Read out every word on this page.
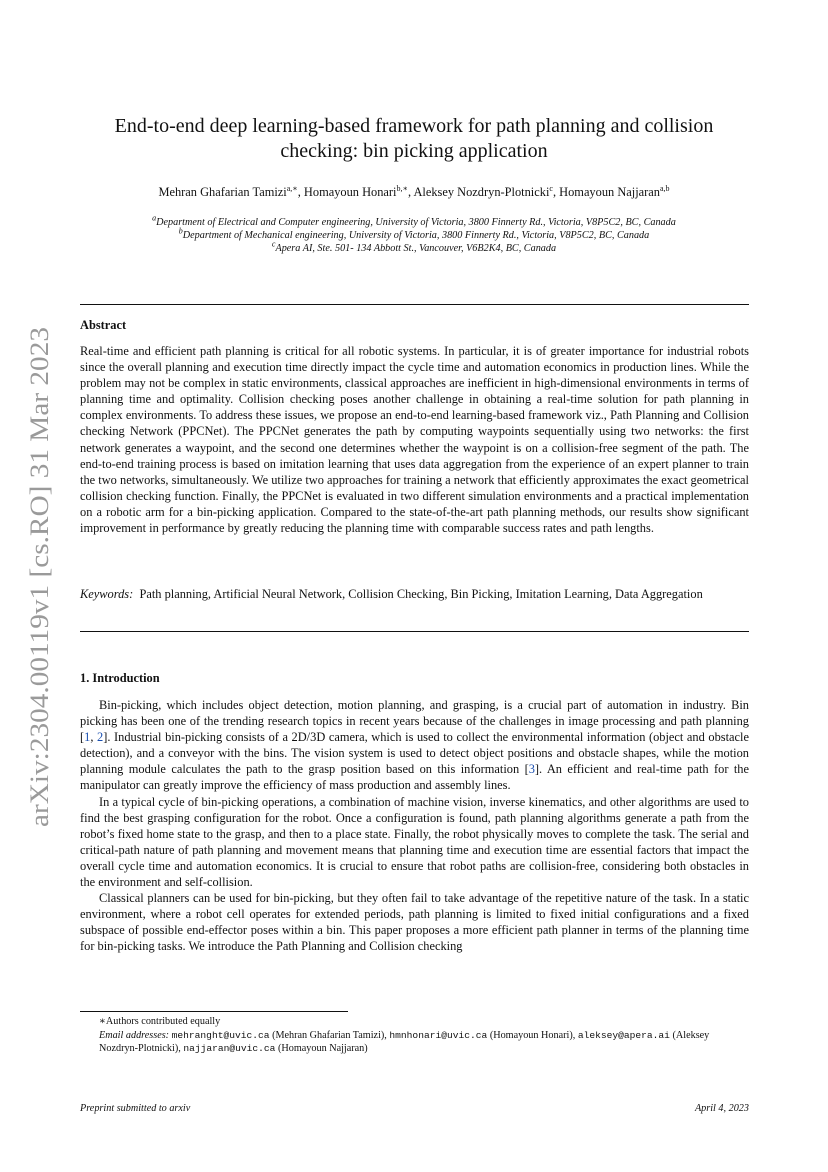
arXiv:2304.00119v1 [cs.RO] 31 Mar 2023
End-to-end deep learning-based framework for path planning and collision
checking: bin picking application
Mehran Ghafarian Tamizi$^{a,∗}$, Homayoun Honari$^{b,∗}$, Aleksey Nozdryn-Plotnicki$^c$, Homayoun Najjaran$^{a,b}$
$^a$Department of Electrical and Computer engineering, University of Victoria, 3800 Finnerty Rd., Victoria, V8P5C2, BC, Canada
$^b$Department of Mechanical engineering, University of Victoria, 3800 Finnerty Rd., Victoria, V8P5C2, BC, Canada
$^c$Apera AI, Ste. 501- 134 Abbott St., Vancouver, V6B2K4, BC, Canada
Abstract
Real-time and efficient path planning is critical for all robotic systems. In particular, it is of greater importance for industrial robots since the overall planning and execution time directly impact the cycle time and automation economics in production lines. While the problem may not be complex in static environments, classical approaches are inefficient in high-dimensional environments in terms of planning time and optimality. Collision checking poses another challenge in obtaining a real-time solution for path planning in complex environments. To address these issues, we propose an end-to-end learning-based framework viz., Path Planning and Collision checking Network (PPCNet). The PPCNet generates the path by computing waypoints sequentially using two networks: the first network generates a waypoint, and the second one determines whether the waypoint is on a collision-free segment of the path. The end-to-end training process is based on imitation learning that uses data aggregation from the experience of an expert planner to train the two networks, simultaneously. We utilize two approaches for training a network that efficiently approximates the exact geometrical collision checking function. Finally, the PPCNet is evaluated in two different simulation environments and a practical implementation on a robotic arm for a bin-picking application. Compared to the state-of-the-art path planning methods, our results show significant improvement in performance by greatly reducing the planning time with comparable success rates and path lengths.
Keywords: Path planning, Artificial Neural Network, Collision Checking, Bin Picking, Imitation Learning, Data Aggregation
1. Introduction

Bin-picking, which includes object detection, motion planning, and grasping, is a crucial part of automation in industry. Bin picking has been one of the trending research topics in recent years because of the challenges in image processing and path planning [1, 2]. Industrial bin-picking consists of a 2D/3D camera, which is used to collect the environmental information (object and obstacle detection), and a conveyor with the bins. The vision system is used to detect object positions and obstacle shapes, while the motion planning module calculates the path to the grasp position based on this information [3]. An efficient and real-time path for the manipulator can greatly improve the efficiency of mass production and assembly lines.

In a typical cycle of bin-picking operations, a combination of machine vision, inverse kinematics, and other algorithms are used to find the best grasping configuration for the robot. Once a configuration is found, path planning algorithms generate a path from the robot’s fixed home state to the grasp, and then to a place state. Finally, the robot physically moves to complete the task. The serial and critical-path nature of path planning and movement means that planning time and execution time are essential factors that impact the overall cycle time and automation economics. It is crucial to ensure that robot paths are collision-free, considering both obstacles in the environment and self-collision.

Classical planners can be used for bin-picking, but they often fail to take advantage of the repetitive nature of the task. In a static environment, where a robot cell operates for extended periods, path planning is limited to fixed initial configurations and a fixed subspace of possible end-effector poses within a bin. This paper proposes a more efficient path planner in terms of the planning time for bin-picking tasks. We introduce the Path Planning and Collision checking

∗Authors contributed equally

Email addresses: mehranght@uvic.ca (Mehran Ghafarian Tamizi), hmnhonari@uvic.ca (Homayoun Honari), aleksey@apera.ai (Aleksey Nozdryn-Plotnicki), najjaran@uvic.ca (Homayoun Najjaran)

Preprint submitted to arxiv	April 4, 2023
